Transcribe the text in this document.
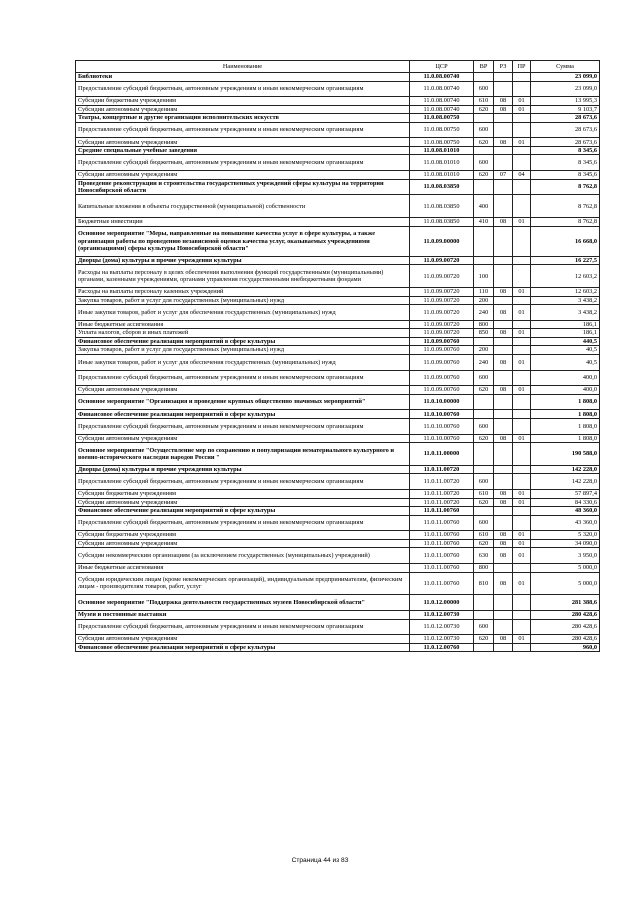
Наименование	ЦСР	ВР	РЗ	ПР	Сумма
Библиотеки	11.0.08.00740				23 099,0
Предоставление субсидий бюджетным, автономным учреждениям и иным некоммерческим организациям	11.0.08.00740	600			23 099,0
Субсидии бюджетным учреждениям	11.0.08.00740	610	08	01	13 995,3
Субсидии автономным учреждениям	11.0.08.00740	620	08	01	9 103,7
Театры, концертные и другие организации исполнительских искусств	11.0.08.00750				28 673,6
Предоставление субсидий бюджетным, автономным учреждениям и иным некоммерческим организациям	11.0.08.00750	600			28 673,6
Субсидии автономным учреждениям	11.0.08.00750	620	08	01	28 673,6
Средние специальные учебные заведения	11.0.08.01010				8 345,6
Предоставление субсидий бюджетным, автономным учреждениям и иным некоммерческим организациям	11.0.08.01010	600			8 345,6
Субсидии автономным учреждениям	11.0.08.01010	620	07	04	8 345,6
Проведение реконструкции и строительства государственных учреждений сферы культуры на территории Новосибирской области	11.0.08.03850				8 762,8
Капитальные вложения в объекты государственной (муниципальной) собственности	11.0.08.03850	400			8 762,8
Бюджетные инвестиции	11.0.08.03850	410	08	01	8 762,8
Основное мероприятие "Меры, направленные на повышение качества услуг в сфере культуры, а также организация работы по проведению независимой оценки качества услуг, оказываемых учреждениями (организациями) сферы культуры Новосибирской области"	11.0.09.00000				16 668,0
Дворцы (дома) культуры и прочие учреждения культуры	11.0.09.00720				16 227,5
Расходы на выплаты персоналу в целях обеспечения выполнения функций государственными (муниципальными) органами, казенными учреждениями, органами управления государственными внебюджетными фондами	11.0.09.00720	100			12 603,2
Расходы на выплаты персоналу казенных учреждений	11.0.09.00720	110	08	01	12 603,2
Закупка товаров, работ и услуг для государственных (муниципальных) нужд	11.0.09.00720	200			3 438,2
Иные закупки товаров, работ и услуг для обеспечения государственных (муниципальных) нужд	11.0.09.00720	240	08	01	3 438,2
Иные бюджетные ассигнования	11.0.09.00720	800			186,1
Уплата налогов, сборов и иных платежей	11.0.09.00720	850	08	01	186,1
Финансовое обеспечение реализации мероприятий в сфере культуры	11.0.09.00760				440,5
Закупка товаров, работ и услуг для государственных (муниципальных) нужд	11.0.09.00760	200			40,5
Иные закупки товаров, работ и услуг для обеспечения государственных (муниципальных) нужд	11.0.09.00760	240	08	01	40,5
Предоставление субсидий бюджетным, автономным учреждениям и иным некоммерческим организациям	11.0.09.00760	600			400,0
Субсидии автономным учреждениям	11.0.09.00760	620	08	01	400,0
Основное мероприятие "Организация и проведение крупных общественно значимых мероприятий"	11.0.10.00000				1 808,0
Финансовое обеспечение реализации мероприятий в сфере культуры	11.0.10.00760				1 808,0
Предоставление субсидий бюджетным, автономным учреждениям и иным некоммерческим организациям	11.0.10.00760	600			1 808,0
Субсидии автономным учреждениям	11.0.10.00760	620	08	01	1 808,0
Основное мероприятие "Осуществление мер по сохранению и популяризации нематериального культурного и военно-исторического наследия народов России "	11.0.11.00000				190 588,0
Дворцы (дома) культуры и прочие учреждения культуры	11.0.11.00720				142 228,0
Предоставление субсидий бюджетным, автономным учреждениям и иным некоммерческим организациям	11.0.11.00720	600			142 228,0
Субсидии бюджетным учреждениям	11.0.11.00720	610	08	01	57 897,4
Субсидии автономным учреждениям	11.0.11.00720	620	08	01	84 330,6
Финансовое обеспечение реализации мероприятий в сфере культуры	11.0.11.00760				48 360,0
Предоставление субсидий бюджетным, автономным учреждениям и иным некоммерческим организациям	11.0.11.00760	600			43 360,0
Субсидии бюджетным учреждениям	11.0.11.00760	610	08	01	5 320,0
Субсидии автономным учреждениям	11.0.11.00760	620	08	01	34 090,0
Субсидии некоммерческим организациям (за исключением государственных (муниципальных) учреждений)	11.0.11.00760	630	08	01	3 950,0
Иные бюджетные ассигнования	11.0.11.00760	800			5 000,0
Субсидии юридическим лицам (кроме некоммерческих организаций), индивидуальным предпринимателям, физическим лицам - производителям товаров, работ, услуг	11.0.11.00760	810	08	01	5 000,0
Основное мероприятие "Поддержка деятельности государственных музеев Новосибирской области"	11.0.12.00000				281 388,6
Музеи и постоянные выставки	11.0.12.00730				280 428,6
Предоставление субсидий бюджетным, автономным учреждениям и иным некоммерческим организациям	11.0.12.00730	600			280 428,6
Субсидии автономным учреждениям	11.0.12.00730	620	08	01	280 428,6
Финансовое обеспечение реализации мероприятий в сфере культуры	11.0.12.00760				960,0
Страница 44 из 83
